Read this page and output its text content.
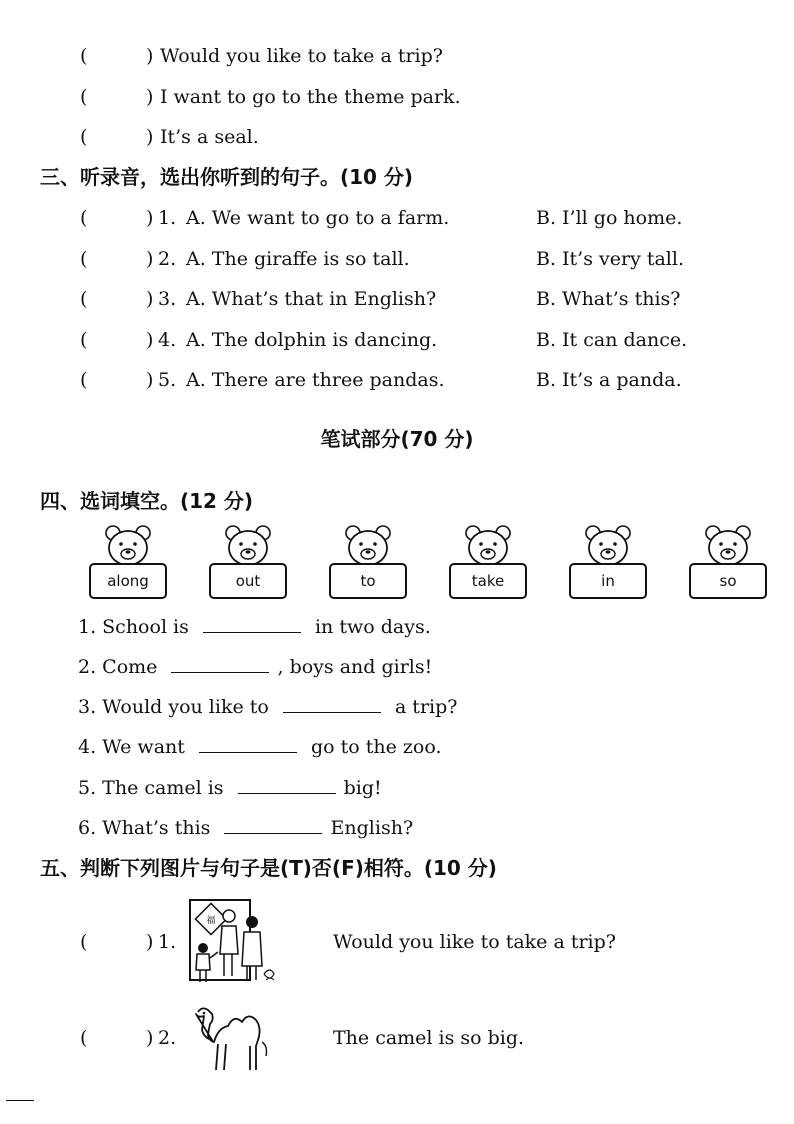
(	) Would you like to take a trip?
(	) I want to go to the theme park.
(	) It’s a seal.
三、听录音，选出你听到的句子。(10 分)
(	) 1. A. We want to go to a farm.	B. I’ll go home.
(	) 2. A. The giraffe is so tall.	B. It’s very tall.
(	) 3. A. What’s that in English?	B. What’s this?
(	) 4. A. The dolphin is dancing.	B. It can dance.
(	) 5. A. There are three pandas.	B. It’s a panda.
笔试部分(70 分)
四、选词填空。(12 分)
along	out	to	take	in	so
1. School is	in two days.
2. Come	, boys and girls!
3. Would you like to	a trip?
4. We want	go to the zoo.
5. The camel is	big!
6. What’s this	English?
五、判断下列图片与句子是(T)否(F)相符。(10 分)
(	) 1.	Would you like to take a trip?
福
(	) 2.	The camel is so big.
